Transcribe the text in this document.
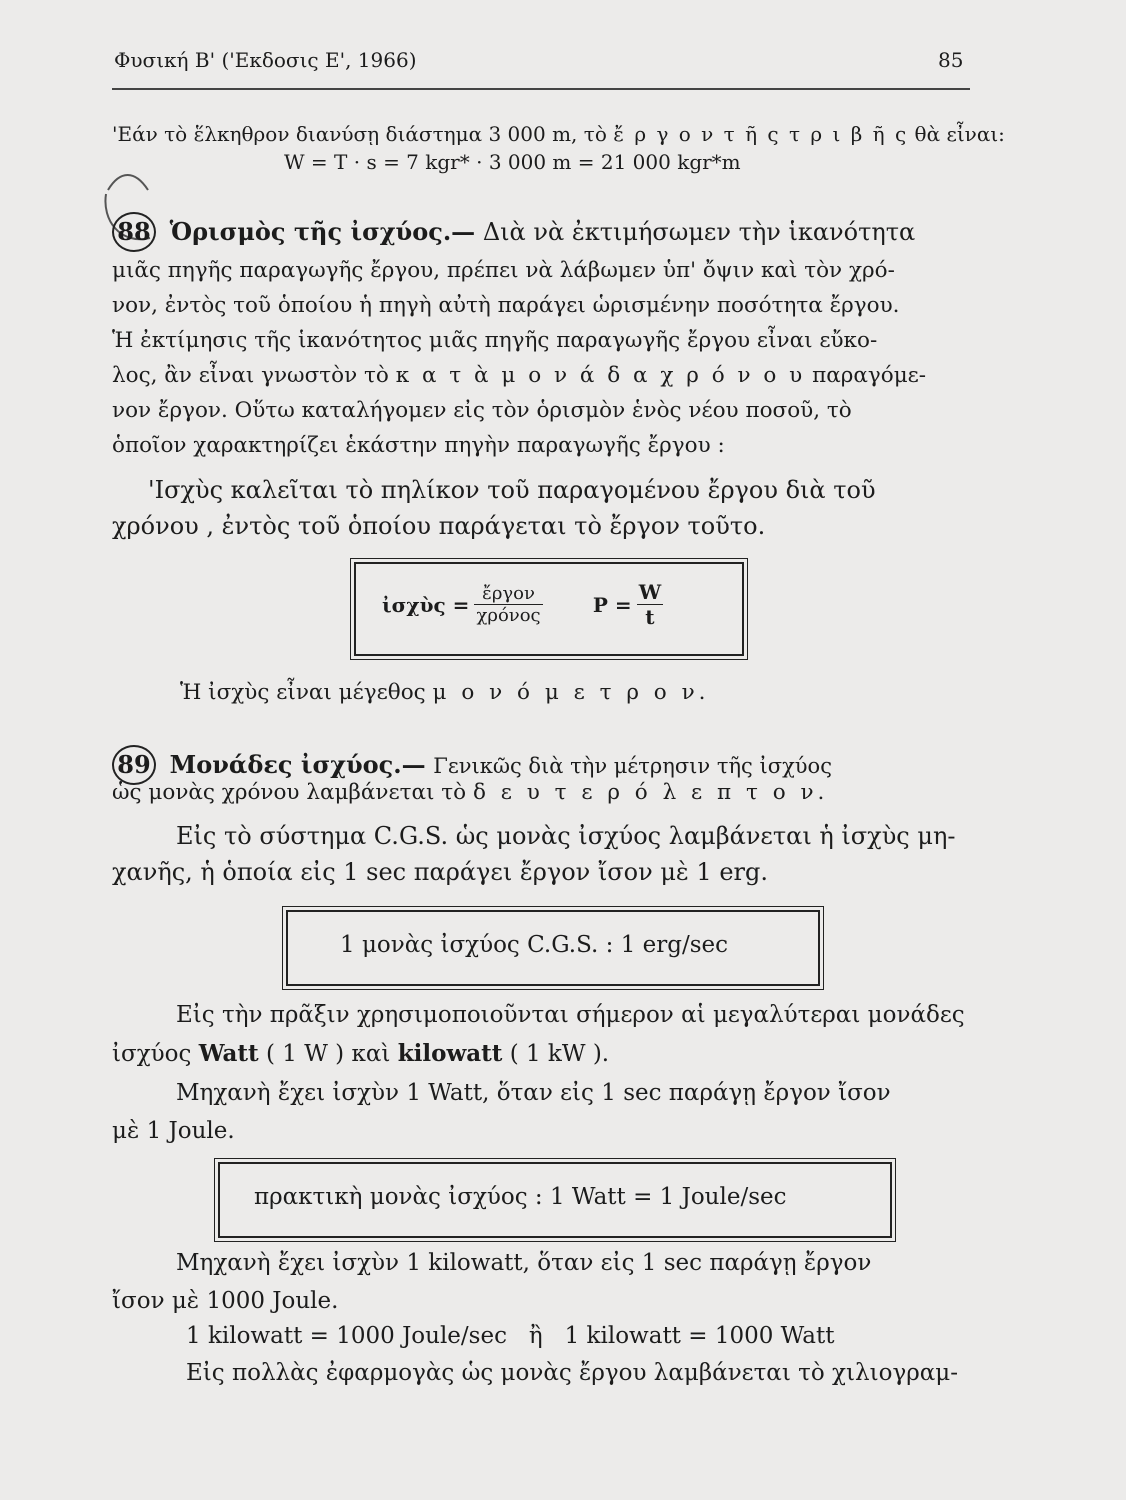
Φυσική Β' ('Εκδοσις Ε', 1966)	85
'Εάν τὸ ἕλκηθρον διανύσῃ διάστημα 3 000 m, τὸ ἔ ρ γ ο ν τ ῆ ς τ ρ ι β ῆ ς θὰ εἶναι:
W = T · s = 7 kgr* · 3 000 m = 21 000 kgr*m
88 Ὁρισμὸς τῆς ἰσχύος.— Διὰ νὰ ἐκτιμήσωμεν τὴν ἱκανότητα
μιᾶς πηγῆς παραγωγῆς ἔργου, πρέπει νὰ λάβωμεν ὑπ' ὄψιν καὶ τὸν χρό-
νον, ἐντὸς τοῦ ὁποίου ἡ πηγὴ αὐτὴ παράγει ὡρισμένην ποσότητα ἔργου.
Ἡ ἐκτίμησις τῆς ἱκανότητος μιᾶς πηγῆς παραγωγῆς ἔργου εἶναι εὔκο-
λος, ἂν εἶναι γνωστὸν τὸ κ α τ ὰ μ ο ν ά δ α χ ρ ό ν ο υ παραγόμε-
νον ἔργον. Οὕτω καταλήγομεν εἰς τὸν ὁρισμὸν ἑνὸς νέου ποσοῦ, τὸ
ὁποῖον χαρακτηρίζει ἑκάστην πηγὴν παραγωγῆς ἔργου :
'Ισχὺς καλεῖται τὸ πηλίκον τοῦ παραγομένου ἔργου διὰ τοῦ
χρόνου , ἐντὸς τοῦ ὁποίου παράγεται τὸ ἔργον τοῦτο.
ἰσχὺς = $\frac{\text{ἔργον}}{\text{χρόνος}}$	$P = \frac{W}{t}$
Ἡ ἰσχὺς εἶναι μέγεθος μ ο ν ό μ ε τ ρ ο ν.
89 Μονάδες ἰσχύος.— Γενικῶς διὰ τὴν μέτρησιν τῆς ἰσχύος
ὡς μονὰς χρόνου λαμβάνεται τὸ δ ε υ τ ε ρ ό λ ε π τ ο ν.
Εἰς τὸ σύστημα C.G.S. ὡς μονὰς ἰσχύος λαμβάνεται ἡ ἰσχὺς μη-
χανῆς, ἡ ὁποία εἰς 1 sec παράγει ἔργον ἴσον μὲ 1 erg.
1 μονὰς ἰσχύος C.G.S. : 1 erg/sec
Εἰς τὴν πρᾶξιν χρησιμοποιοῦνται σήμερον αἱ μεγαλύτεραι μονάδες
ἰσχύος Watt ( 1 W ) καὶ kilowatt ( 1 kW ).
Μηχανὴ ἔχει ἰσχὺν 1 Watt, ὅταν εἰς 1 sec παράγῃ ἔργον ἴσον
μὲ 1 Joule.
πρακτικὴ μονὰς ἰσχύος : 1 Watt = 1 Joule/sec
Μηχανὴ ἔχει ἰσχὺν 1 kilowatt, ὅταν εἰς 1 sec παράγῃ ἔργον
ἴσον μὲ 1000 Joule.
1 kilowatt = 1000 Joule/sec   ἢ   1 kilowatt = 1000 Watt
Εἰς πολλὰς ἐφαρμογὰς ὡς μονὰς ἔργου λαμβάνεται τὸ χιλιογραμ-
